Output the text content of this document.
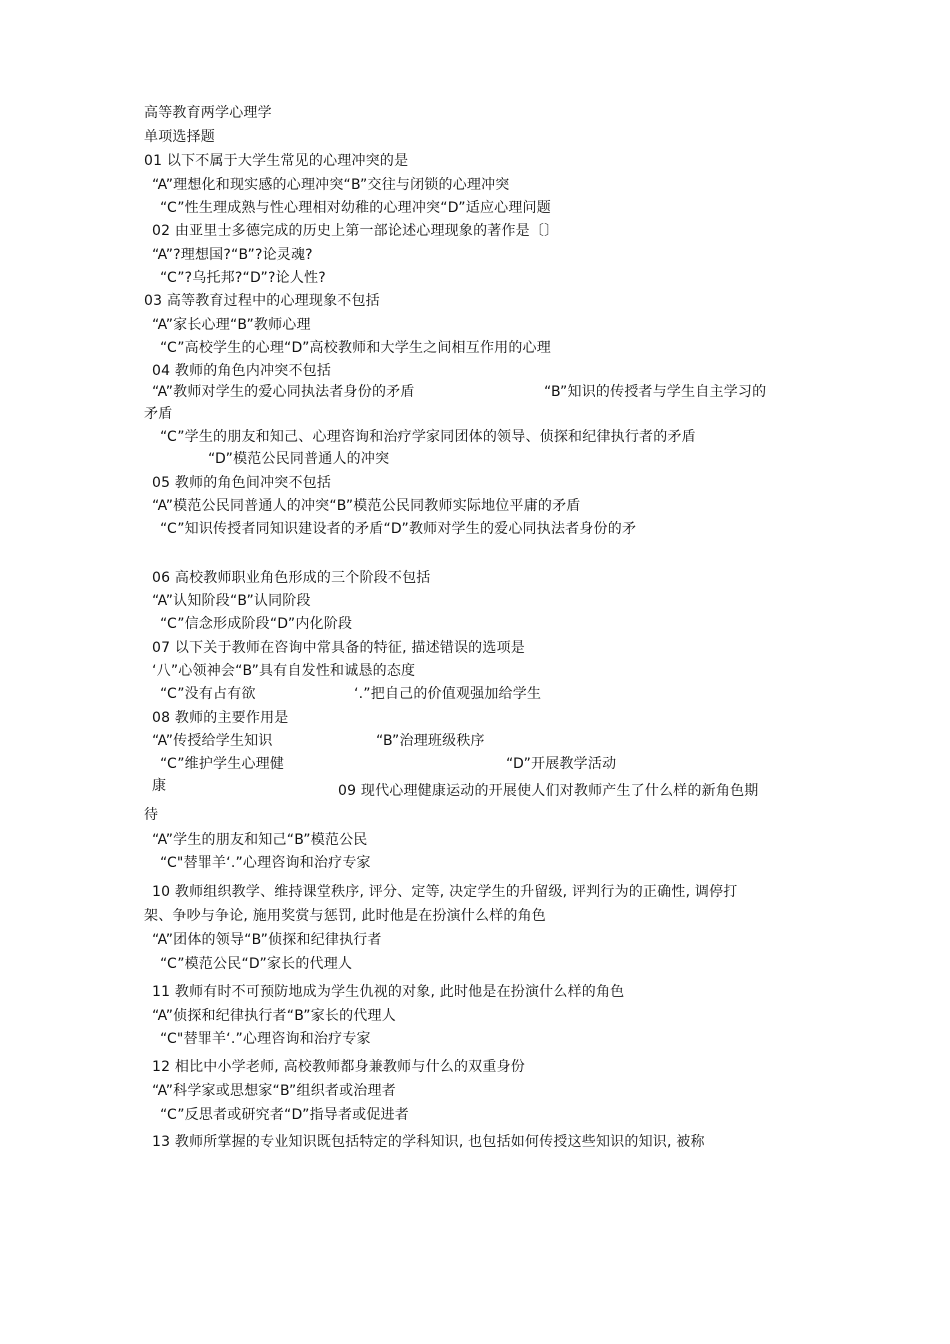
高等教育两学心理学
单项选择题
01 以下不属于大学生常见的心理冲突的是
“A”理想化和现实感的心理冲突“B”交往与闭锁的心理冲突
“C”性生理成熟与性心理相对幼稚的心理冲突“D”适应心理问题
02 由亚里士多德完成的历史上第一部论述心理现象的著作是〔〕
“A”?理想国?“B”?论灵魂?
“C”?乌托邦?“D”?论人性?
03 高等教育过程中的心理现象不包括
“A”家长心理“B”教师心理
“C”高校学生的心理“D”高校教师和大学生之间相互作用的心理
04 教师的角色内冲突不包括
“A”教师对学生的爱心同执法者身份的矛盾	“B”知识的传授者与学生自主学习的
矛盾
“C”学生的朋友和知己、心理咨询和治疗学家同团体的领导、侦探和纪律执行者的矛盾
“D”模范公民同普通人的冲突
05 教师的角色间冲突不包括
“A”模范公民同普通人的冲突“B”模范公民同教师实际地位平庸的矛盾
“C”知识传授者同知识建设者的矛盾“D”教师对学生的爱心同执法者身份的矛
06 高校教师职业角色形成的三个阶段不包括
“A”认知阶段“B”认同阶段
“C”信念形成阶段“D”内化阶段
07 以下关于教师在咨询中常具备的特征, 描述错误的选项是
‘八”心领神会“B”具有自发性和诚恳的态度
“C”没有占有欲	‘.”把自己的价值观强加给学生
08 教师的主要作用是
“A”传授给学生知识	“B”治理班级秩序
“C”维护学生心理健	“D”开展教学活动
康	09 现代心理健康运动的开展使人们对教师产生了什么样的新角色期
待
“A”学生的朋友和知己“B”模范公民
“C"替罪羊‘.”心理咨询和治疗专家
10 教师组织教学、维持课堂秩序, 评分、定等, 决定学生的升留级, 评判行为的正确性, 调停打
架、争吵与争论, 施用奖赏与惩罚, 此时他是在扮演什么样的角色
“A”团体的领导“B”侦探和纪律执行者
“C”模范公民“D”家长的代理人
11 教师有时不可预防地成为学生仇视的对象, 此时他是在扮演什么样的角色
“A”侦探和纪律执行者“B”家长的代理人
“C"替罪羊‘.”心理咨询和治疗专家
12 相比中小学老师, 高校教师都身兼教师与什么的双重身份
“A”科学家或思想家“B”组织者或治理者
“C”反思者或研究者“D”指导者或促进者
13 教师所掌握的专业知识既包括特定的学科知识, 也包括如何传授这些知识的知识, 被称
